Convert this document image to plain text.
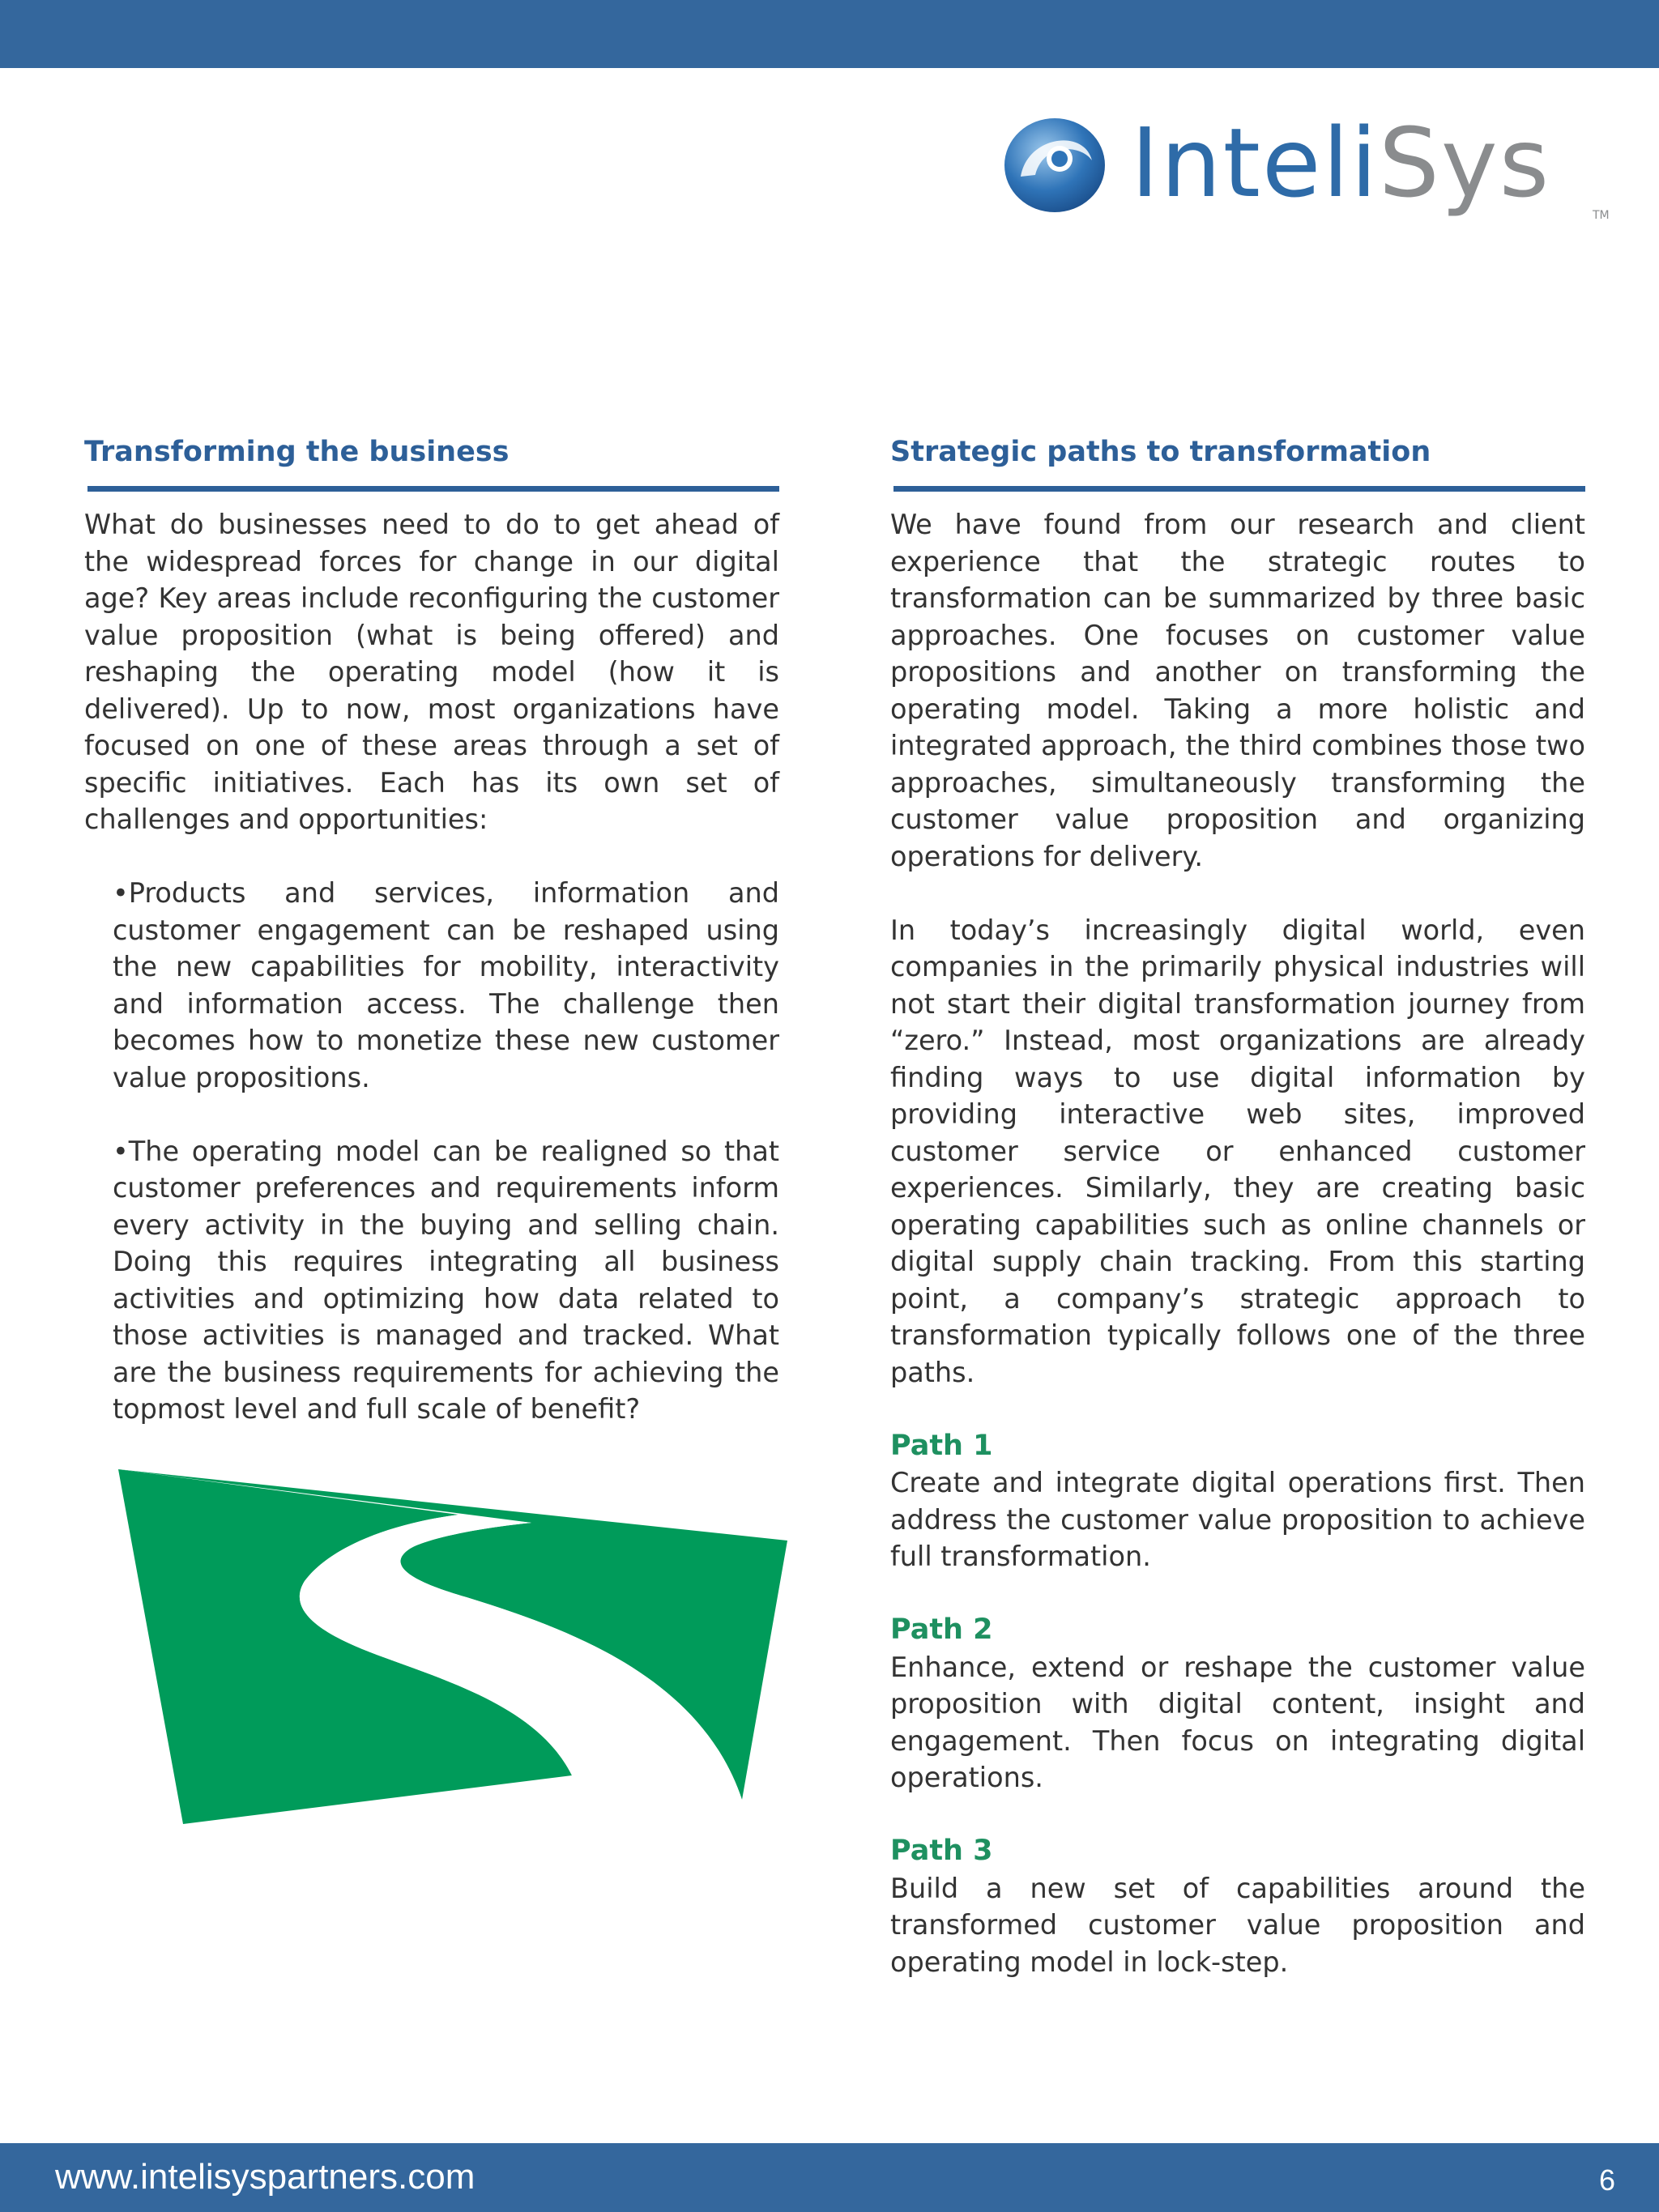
InteliSys	TM
Transforming the business
What do businesses need to do to get ahead of the widespread forces for change in our digital age? Key areas include reconfiguring the customer value proposition (what is being offered) and reshaping the operating model (how it is delivered). Up to now, most organizations have focused on one of these areas through a set of specific initiatives. Each has its own set of challenges and opportunities:
•Products and services, information and customer engagement can be reshaped using the new capabilities for mobility, interactivity and information access. The challenge then becomes how to monetize these new customer value propositions.
•The operating model can be realigned so that customer preferences and requirements inform every activity in the buying and selling chain. Doing this requires integrating all business activities and optimizing how data related to those activities is managed and tracked. What are the business requirements for achieving the topmost level and full scale of benefit?
Strategic paths to transformation
We have found from our research and client experience that the strategic routes to transformation can be summarized by three basic approaches. One focuses on customer value propositions and another on transforming the operating model. Taking a more holistic and integrated approach, the third combines those two approaches, simultaneously transforming the customer value proposition and organizing operations for delivery.
In today’s increasingly digital world, even companies in the primarily physical industries will not start their digital transformation journey from “zero.” Instead, most organizations are already finding ways to use digital information by providing interactive web sites, improved customer service or enhanced customer experiences. Similarly, they are creating basic operating capabilities such as online channels or digital supply chain tracking. From this starting point, a company’s strategic approach to transformation typically follows one of the three paths.
Path 1
Create and integrate digital operations first. Then address the customer value proposition to achieve full transformation.
Path 2
Enhance, extend or reshape the customer value proposition with digital content, insight and engagement. Then focus on integrating digital operations.
Path 3
Build a new set of capabilities around the transformed customer value proposition and operating model in lock-step.
www.intelisyspartners.com	6
